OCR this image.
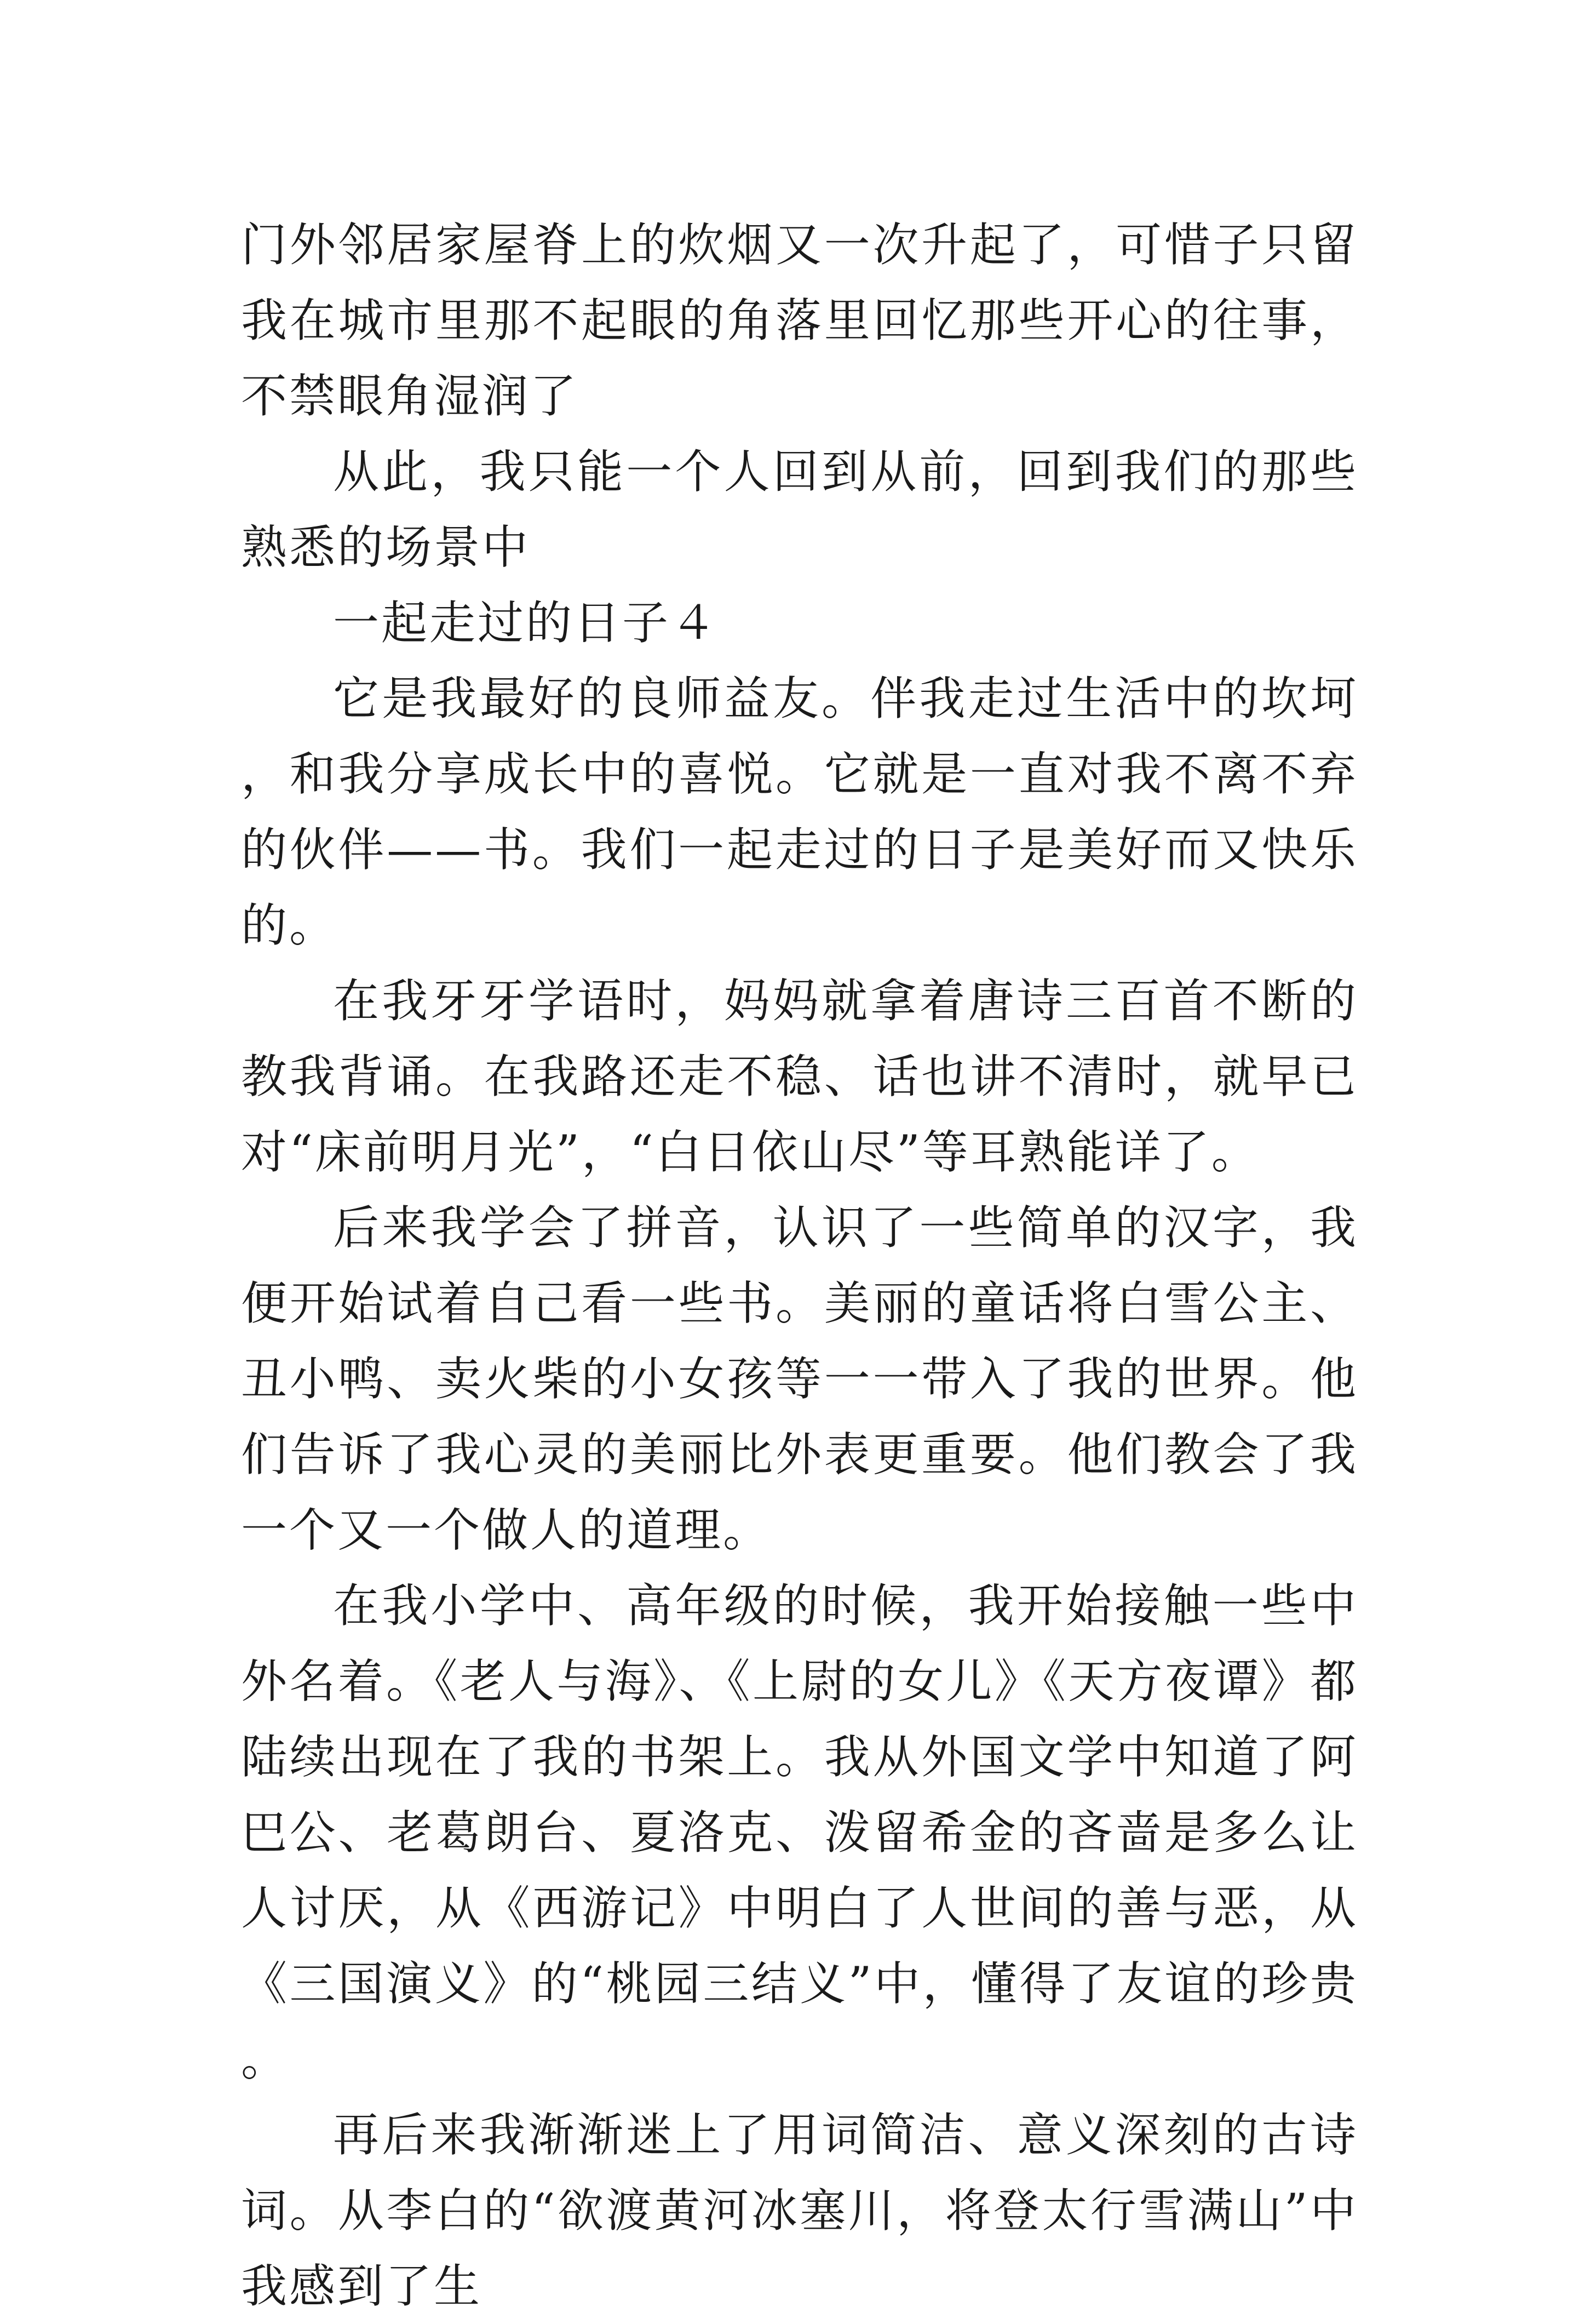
门外邻居家屋脊上的炊烟又一次升起了，可惜子只留我在城市里那不起眼的角落里回忆那些开心的往事，不禁眼角湿润了

从此，我只能一个人回到从前，回到我们的那些熟悉的场景中

一起走过的日子４

它是我最好的良师益友。伴我走过生活中的坎坷，和我分享成长中的喜悦。它就是一直对我不离不弃的伙伴——书。我们一起走过的日子是美好而又快乐的。

在我牙牙学语时，妈妈就拿着唐诗三百首不断的教我背诵。在我路还走不稳、话也讲不清时，就早已对“床前明月光”，“白日依山尽”等耳熟能详了。

后来我学会了拼音，认识了一些简单的汉字，我便开始试着自己看一些书。美丽的童话将白雪公主、丑小鸭、卖火柴的小女孩等一一带入了我的世界。他们告诉了我心灵的美丽比外表更重要。他们教会了我一个又一个做人的道理。

在我小学中、高年级的时候，我开始接触一些中外名着。《老人与海》、《上尉的女儿》《天方夜谭》都陆续出现在了我的书架上。我从外国文学中知道了阿巴公、老葛朗台、夏洛克、泼留希金的吝啬是多么让人讨厌，从《西游记》中明白了人世间的善与恶，从《三国演义》的“桃园三结义”中，懂得了友谊的珍贵。

再后来我渐渐迷上了用词简洁、意义深刻的古诗词。从李白的“欲渡黄河冰塞川，将登太行雪满山”中我感到了生
